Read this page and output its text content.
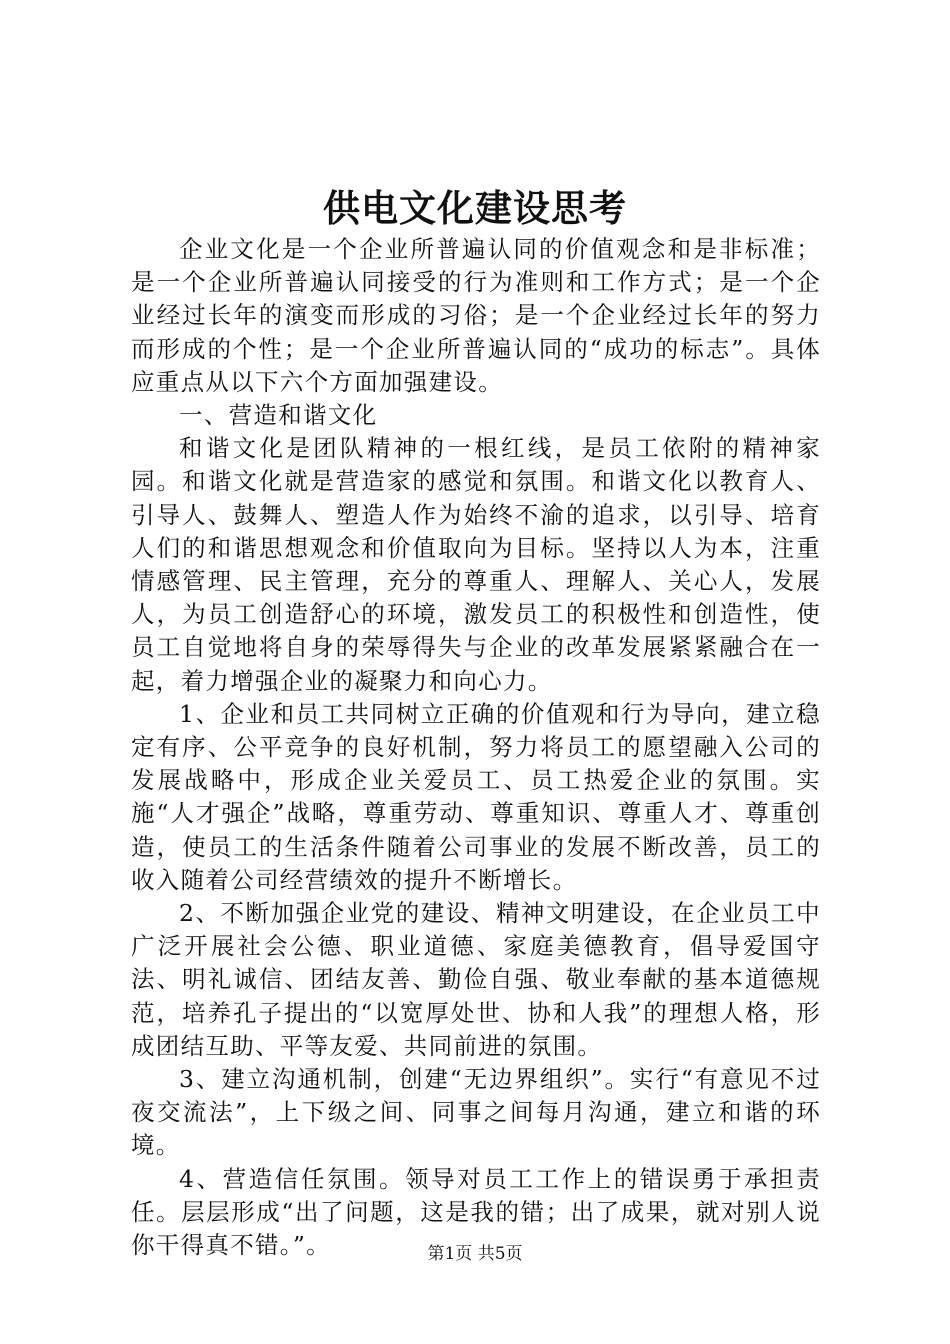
供电文化建设思考

企业文化是一个企业所普遍认同的价值观念和是非标准；是一个企业所普遍认同接受的行为准则和工作方式；是一个企业经过长年的演变而形成的习俗；是一个企业经过长年的努力而形成的个性；是一个企业所普遍认同的“成功的标志”。具体应重点从以下六个方面加强建设。

一、营造和谐文化

和谐文化是团队精神的一根红线，是员工依附的精神家园。和谐文化就是营造家的感觉和氛围。和谐文化以教育人、引导人、鼓舞人、塑造人作为始终不渝的追求，以引导、培育人们的和谐思想观念和价值取向为目标。坚持以人为本，注重情感管理、民主管理，充分的尊重人、理解人、关心人，发展人，为员工创造舒心的环境，激发员工的积极性和创造性，使员工自觉地将自身的荣辱得失与企业的改革发展紧紧融合在一起，着力增强企业的凝聚力和向心力。

1、企业和员工共同树立正确的价值观和行为导向，建立稳定有序、公平竞争的良好机制，努力将员工的愿望融入公司的发展战略中，形成企业关爱员工、员工热爱企业的氛围。实施“人才强企”战略，尊重劳动、尊重知识、尊重人才、尊重创造，使员工的生活条件随着公司事业的发展不断改善，员工的收入随着公司经营绩效的提升不断增长。

2、不断加强企业党的建设、精神文明建设，在企业员工中广泛开展社会公德、职业道德、家庭美德教育，倡导爱国守法、明礼诚信、团结友善、勤俭自强、敬业奉献的基本道德规范，培养孔子提出的“以宽厚处世、协和人我”的理想人格，形成团结互助、平等友爱、共同前进的氛围。

3、建立沟通机制，创建“无边界组织”。实行“有意见不过夜交流法”，上下级之间、同事之间每月沟通，建立和谐的环境。

4、营造信任氛围。领导对员工工作上的错误勇于承担责任。层层形成“出了问题，这是我的错；出了成果，就对别人说你干得真不错。”。	第1页 共5页
